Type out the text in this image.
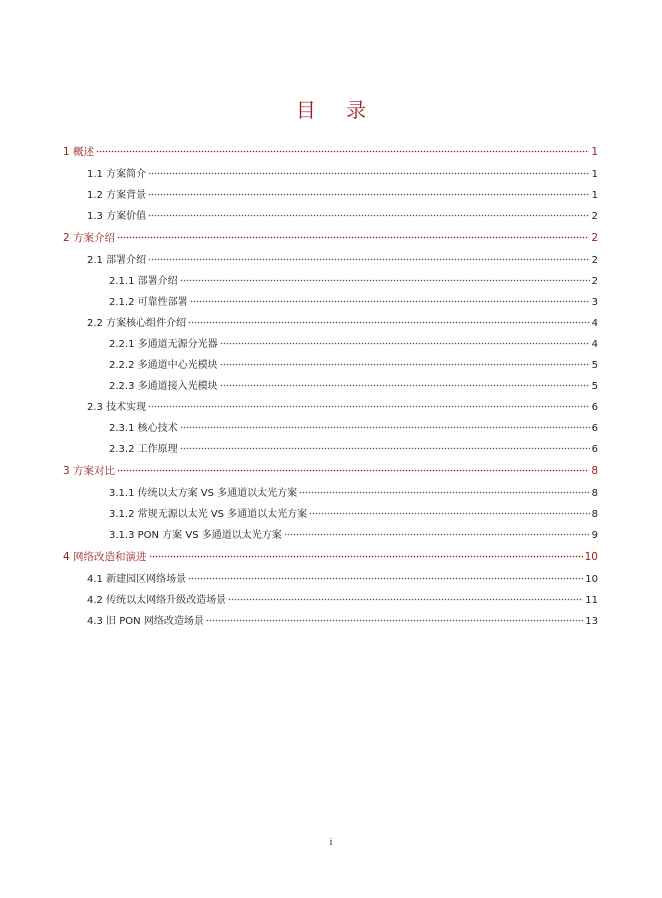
目 录
1 概述	1
1.1 方案简介	1
1.2 方案背景	1
1.3 方案价值	2
2 方案介绍	2
2.1 部署介绍	2
2.1.1 部署介绍	2
2.1.2 可靠性部署	3
2.2 方案核心组件介绍	4
2.2.1 多通道无源分光器	4
2.2.2 多通道中心光模块	5
2.2.3 多通道接入光模块	5
2.3 技术实现	6
2.3.1 核心技术	6
2.3.2 工作原理	6
3 方案对比	8
3.1.1 传统以太方案 VS 多通道以太光方案	8
3.1.2 常规无源以太光 VS 多通道以太光方案	8
3.1.3 PON 方案 VS 多通道以太光方案	9
4 网络改造和演进	10
4.1 新建园区网络场景	10
4.2 传统以太网络升级改造场景	11
4.3 旧 PON 网络改造场景	13
i
